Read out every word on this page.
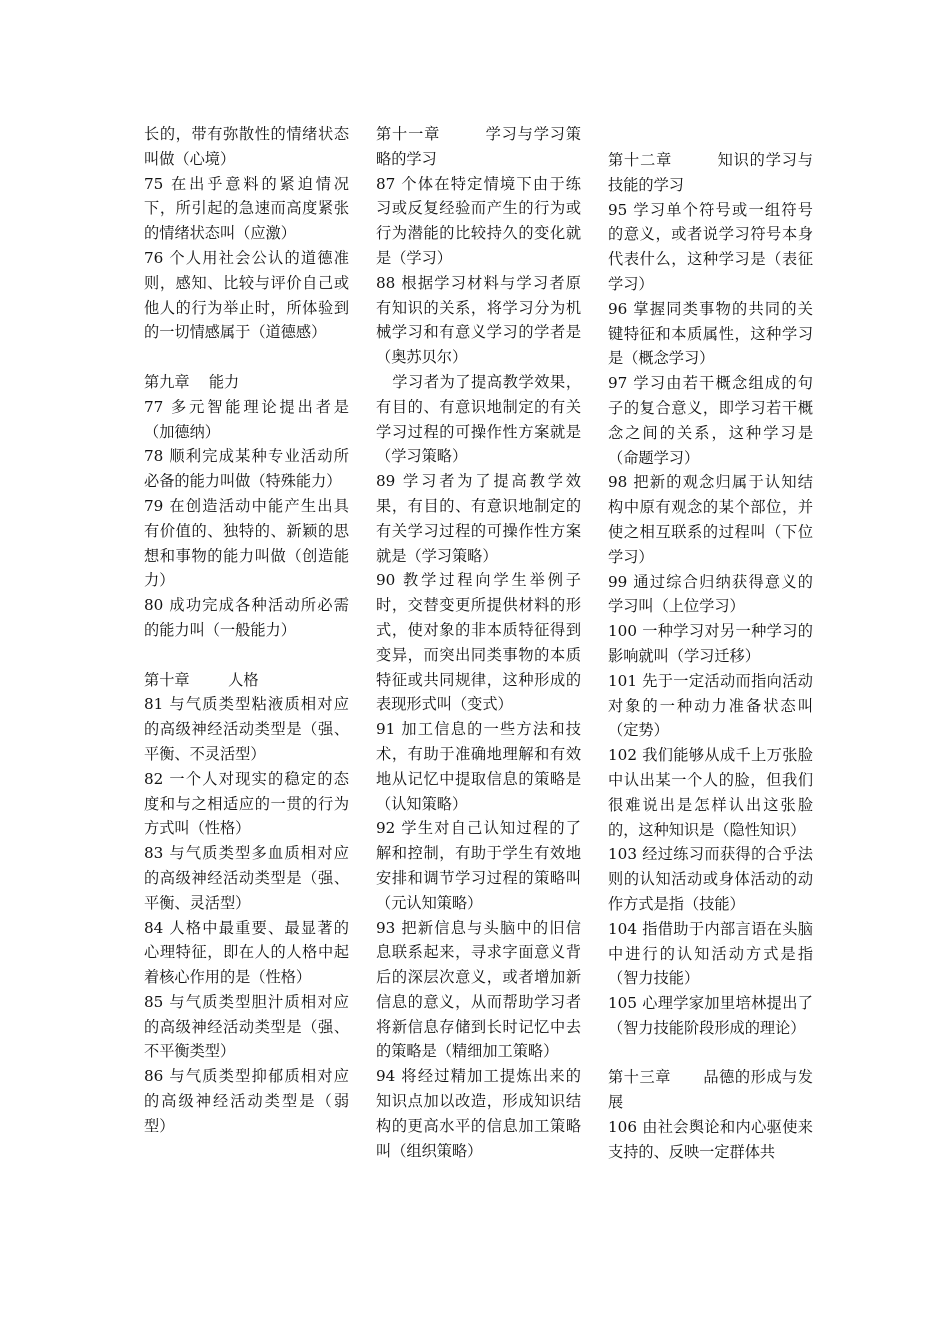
长的，带有弥散性的情绪状态叫做（心境）

75 在出乎意料的紧迫情况下，所引起的急速而高度紧张的情绪状态叫（应激）

76 个人用社会公认的道德准则，感知、比较与评价自己或他人的行为举止时，所体验到的一切情感属于（道德感）

第九章    能力

77 多元智能理论提出者是（加德纳）

78 顺利完成某种专业活动所必备的能力叫做（特殊能力）

79 在创造活动中能产生出具有价值的、独特的、新颖的思想和事物的能力叫做（创造能力）

80 成功完成各种活动所必需的能力叫（一般能力）

第十章        人格

81 与气质类型粘液质相对应的高级神经活动类型是（强、平衡、不灵活型）

82 一个人对现实的稳定的态度和与之相适应的一贯的行为方式叫（性格）

83 与气质类型多血质相对应的高级神经活动类型是（强、平衡、灵活型）

84 人格中最重要、最显著的心理特征，即在人的人格中起着核心作用的是（性格）

85 与气质类型胆汁质相对应的高级神经活动类型是（强、不平衡类型）

86 与气质类型抑郁质相对应的高级神经活动类型是（弱型）

第十一章        学习与学习策略的学习

87 个体在特定情境下由于练习或反复经验而产生的行为或行为潜能的比较持久的变化就是（学习）

88 根据学习材料与学习者原有知识的关系，将学习分为机械学习和有意义学习的学者是（奥苏贝尔）

学习者为了提高教学效果，有目的、有意识地制定的有关学习过程的可操作性方案就是（学习策略）

89 学习者为了提高教学效果，有目的、有意识地制定的有关学习过程的可操作性方案就是（学习策略）

90 教学过程向学生举例子时，交替变更所提供材料的形式，使对象的非本质特征得到变异，而突出同类事物的本质特征或共同规律，这种形成的表现形式叫（变式）

91 加工信息的一些方法和技术，有助于准确地理解和有效地从记忆中提取信息的策略是（认知策略）

92 学生对自己认知过程的了解和控制，有助于学生有效地安排和调节学习过程的策略叫（元认知策略）

93 把新信息与头脑中的旧信息联系起来，寻求字面意义背后的深层次意义，或者增加新信息的意义，从而帮助学习者将新信息存储到长时记忆中去的策略是（精细加工策略）

94 将经过精加工提炼出来的知识点加以改造，形成知识结构的更高水平的信息加工策略叫（组织策略）

第十二章        知识的学习与技能的学习

95 学习单个符号或一组符号的意义，或者说学习符号本身代表什么，这种学习是（表征学习）

96 掌握同类事物的共同的关键特征和本质属性，这种学习是（概念学习）

97 学习由若干概念组成的句子的复合意义，即学习若干概念之间的关系，这种学习是（命题学习）

98 把新的观念归属于认知结构中原有观念的某个部位，并使之相互联系的过程叫（下位学习）

99 通过综合归纳获得意义的学习叫（上位学习）

100 一种学习对另一种学习的影响就叫（学习迁移）

101 先于一定活动而指向活动对象的一种动力准备状态叫（定势）

102 我们能够从成千上万张脸中认出某一个人的脸，但我们很难说出是怎样认出这张脸的，这种知识是（隐性知识）

103 经过练习而获得的合乎法则的认知活动或身体活动的动作方式是指（技能）

104 指借助于内部言语在头脑中进行的认知活动方式是指（智力技能）

105 心理学家加里培林提出了（智力技能阶段形成的理论）

第十三章      品德的形成与发展

106 由社会舆论和内心驱使来支持的、反映一定群体共
